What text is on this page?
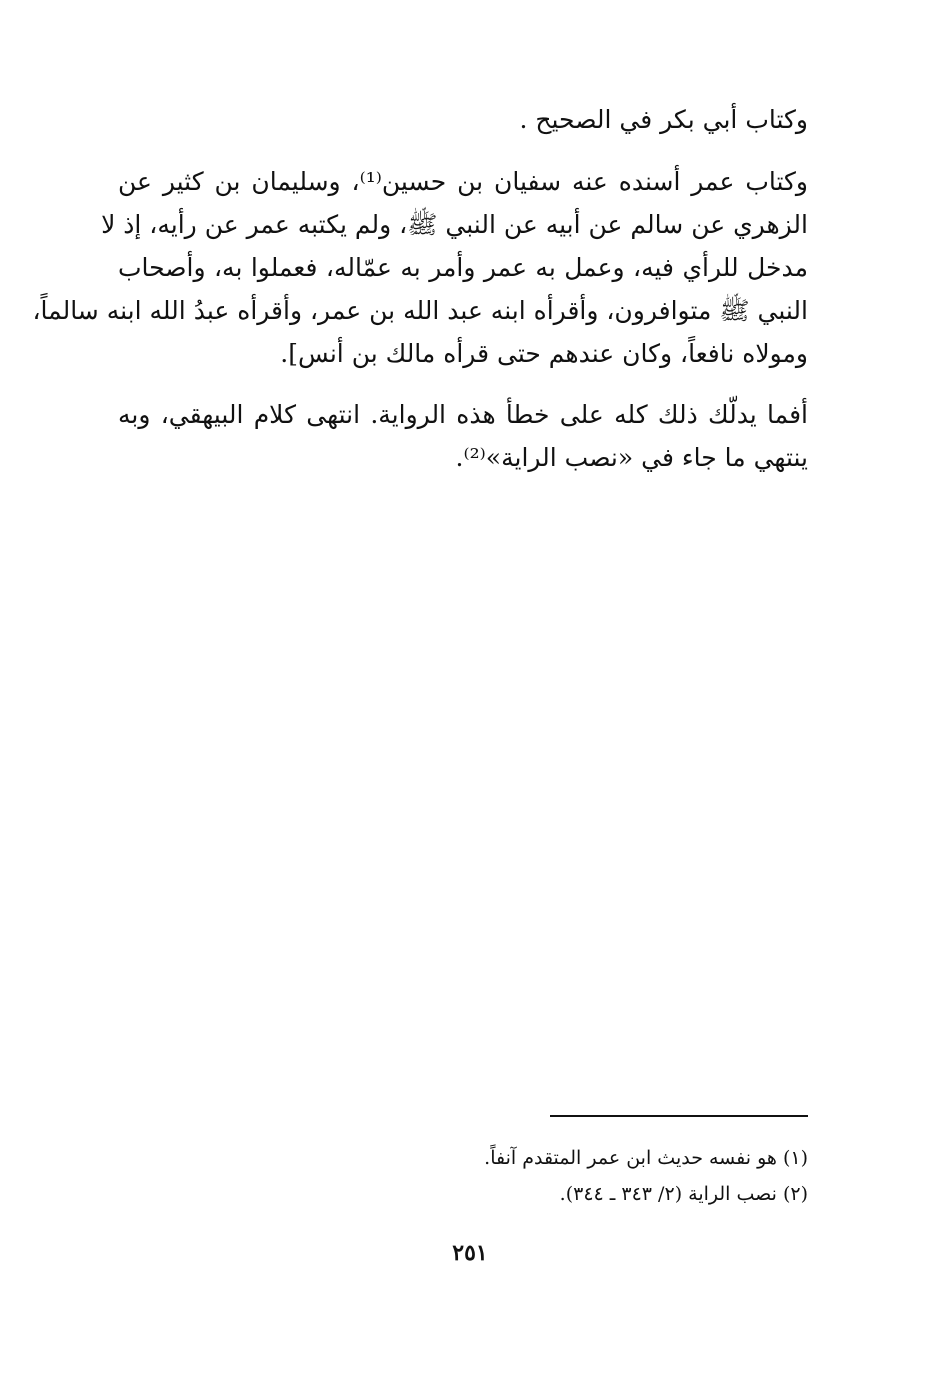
وكتاب أبي بكر في الصحيح .
وكتاب عمر أسنده عنه سفيان بن حسين⁽¹⁾، وسليمان بن كثير عن
الزهري عن سالم عن أبيه عن النبي ﷺ، ولم يكتبه عمر عن رأيه، إذ لا
مدخل للرأي فيه، وعمل به عمر وأمر به عمّاله، فعملوا به، وأصحاب
النبي ﷺ متوافرون، وأقرأه ابنه عبد الله بن عمر، وأقرأه عبدُ الله ابنه سالماً،
ومولاه نافعاً، وكان عندهم حتى قرأه مالك بن أنس].
أفما يدلّك ذلك كله على خطأ هذه الرواية. انتهى كلام البيهقي، وبه
ينتهي ما جاء في «نصب الراية»⁽²⁾.
(١) هو نفسه حديث ابن عمر المتقدم آنفاً.
(٢) نصب الراية (٢/ ٣٤٣ ـ ٣٤٤).
٢٥١
